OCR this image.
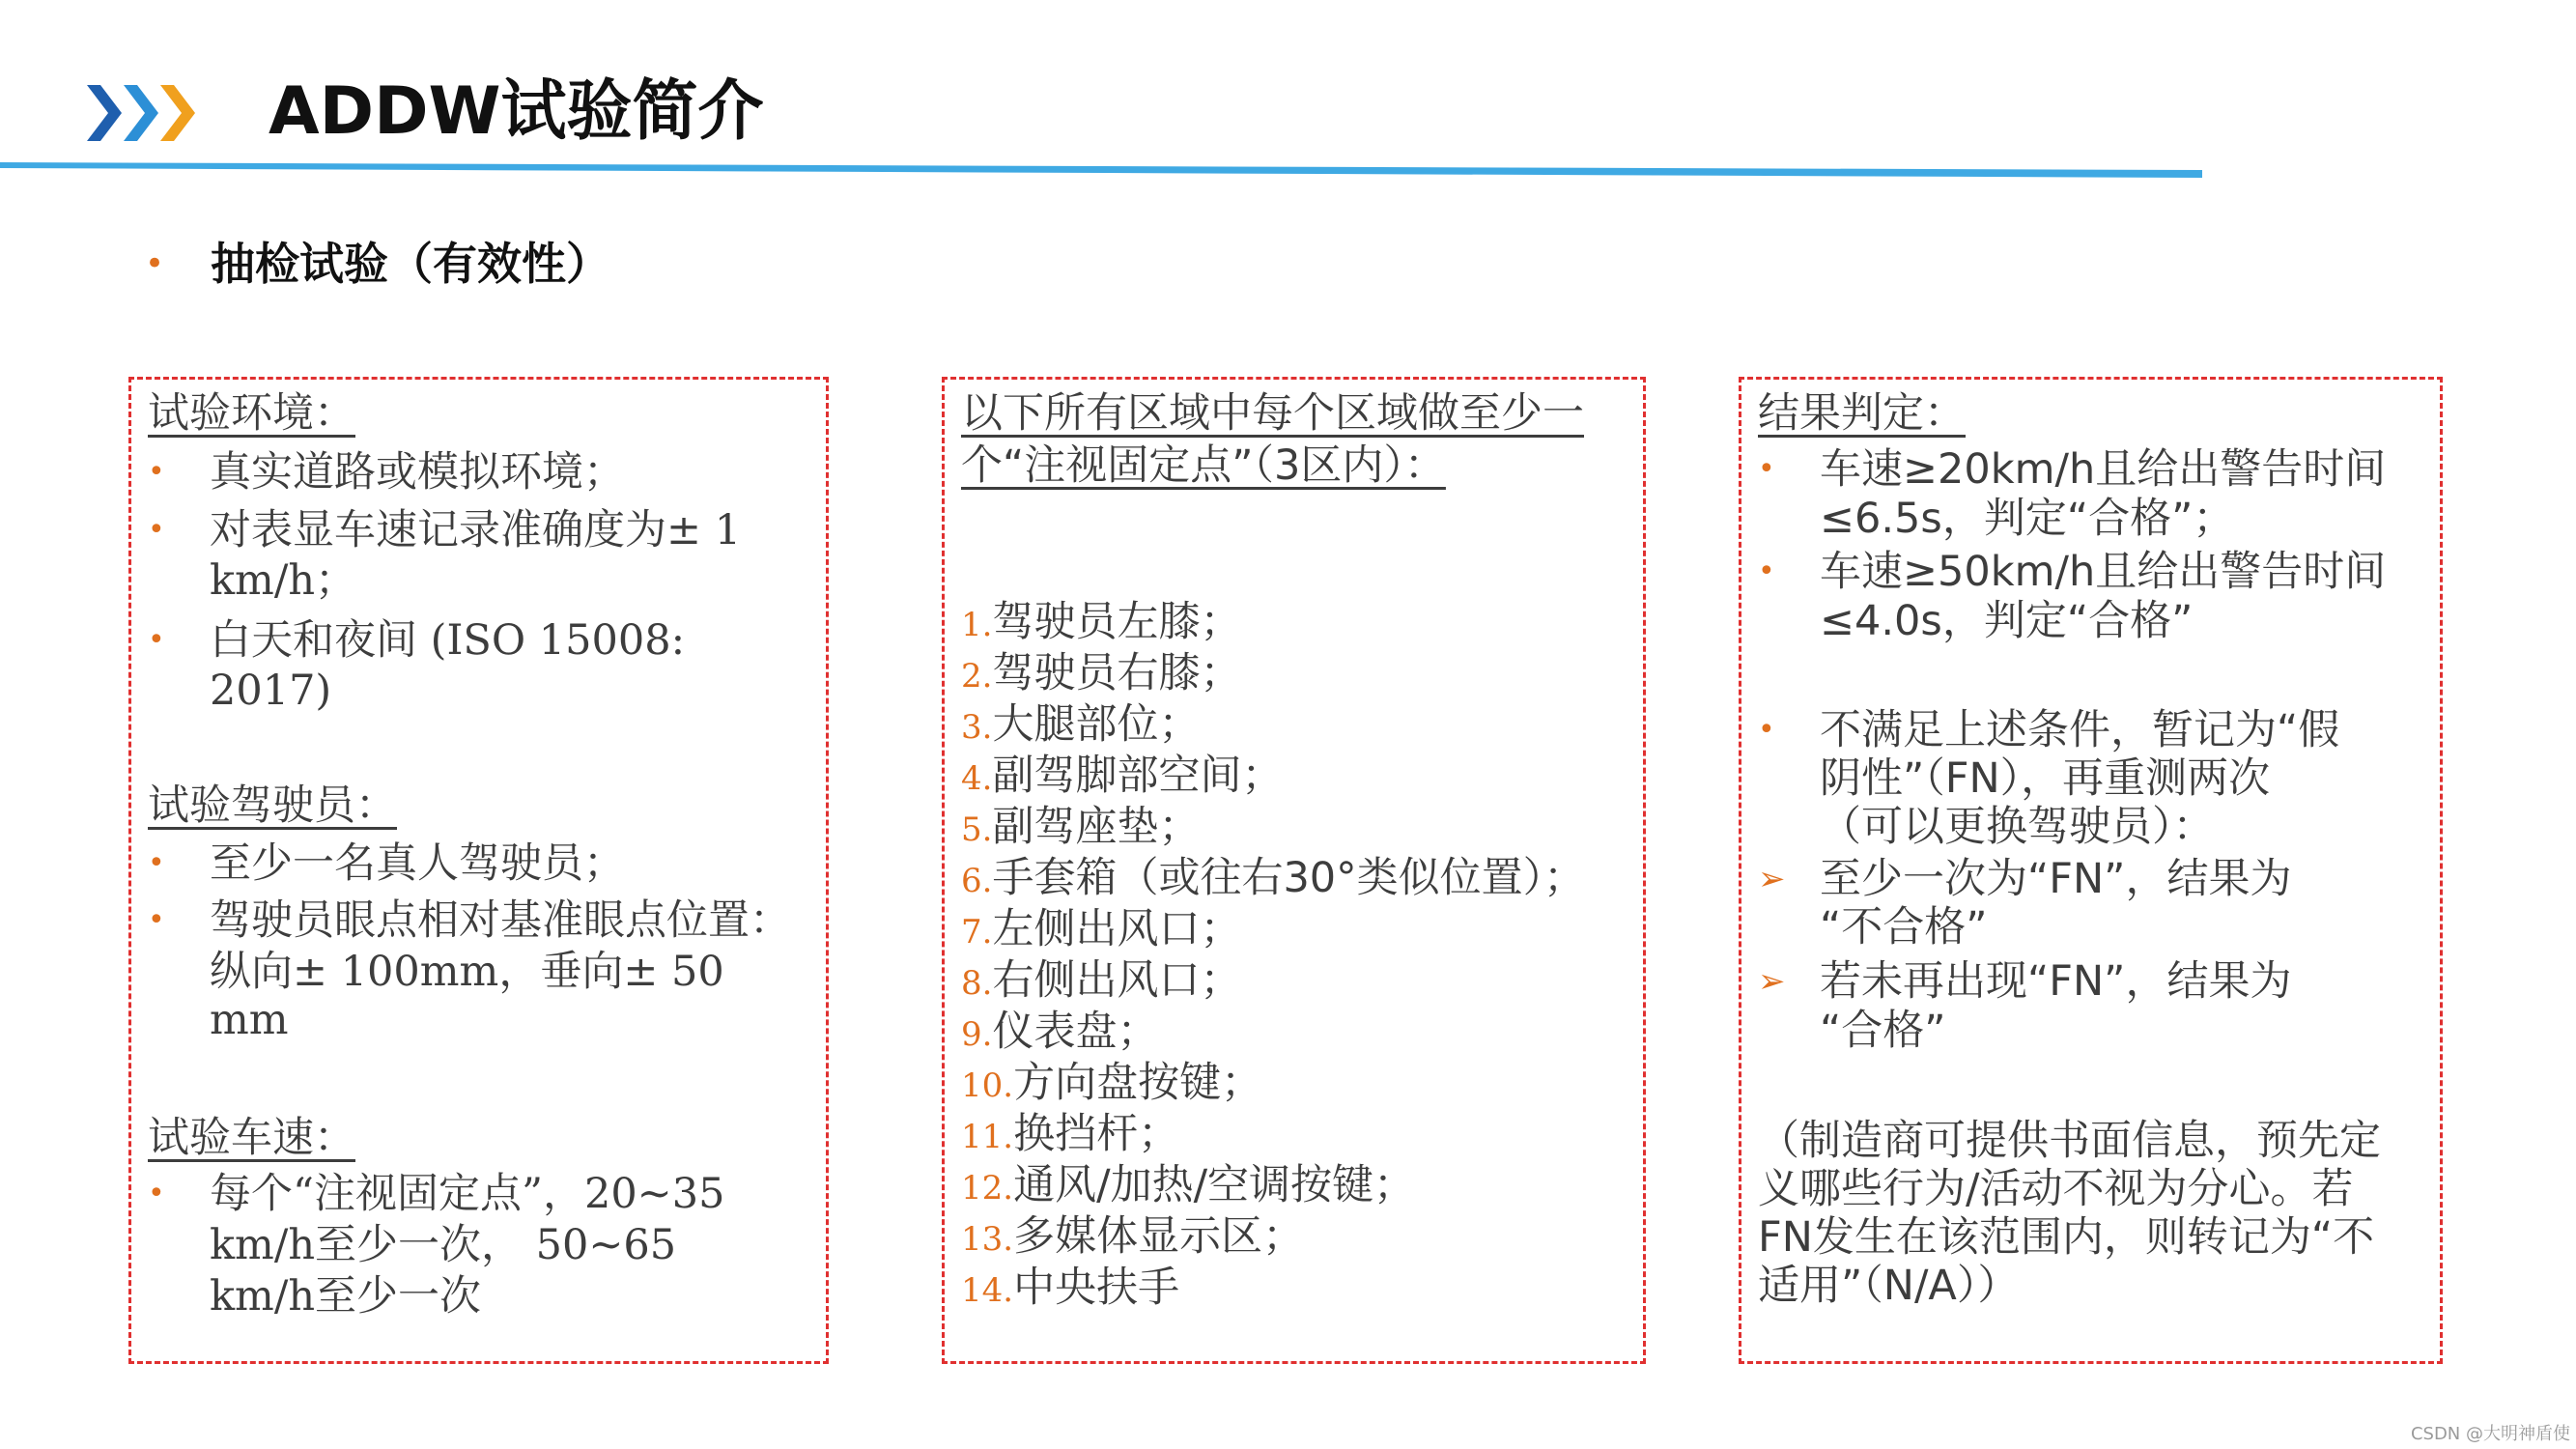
ADDW试验简介
• 抽检试验（有效性）
试验环境：
• 真实道路或模拟环境；
• 对表显车速记录准确度为± 1
km/h；
• 白天和夜间 (ISO 15008:
2017)
试验驾驶员：
• 至少一名真人驾驶员；
• 驾驶员眼点相对基准眼点位置：
纵向± 100mm，垂向± 50
mm
试验车速：
• 每个“注视固定点”，20~35
km/h至少一次， 50~65
km/h至少一次
以下所有区域中每个区域做至少一
个“注视固定点”（3区内）：
1.驾驶员左膝；
2.驾驶员右膝；
3.大腿部位；
4.副驾脚部空间；
5.副驾座垫；
6.手套箱（或往右30°类似位置）；
7.左侧出风口；
8.右侧出风口；
9.仪表盘；
10.方向盘按键；
11.换挡杆；
12.通风/加热/空调按键；
13.多媒体显示区；
14.中央扶手
结果判定：
• 车速≥20km/h且给出警告时间
≤6.5s，判定“合格”；
• 车速≥50km/h且给出警告时间
≤4.0s，判定“合格”
• 不满足上述条件，暂记为“假
阴性”（FN），再重测两次
（可以更换驾驶员）：
➢ 至少一次为“FN”，结果为
“不合格”
➢ 若未再出现“FN”，结果为
“合格”
（制造商可提供书面信息，预先定
义哪些行为/活动不视为分心。若
FN发生在该范围内，则转记为“不
适用”（N/A））
CSDN @大明神盾使
